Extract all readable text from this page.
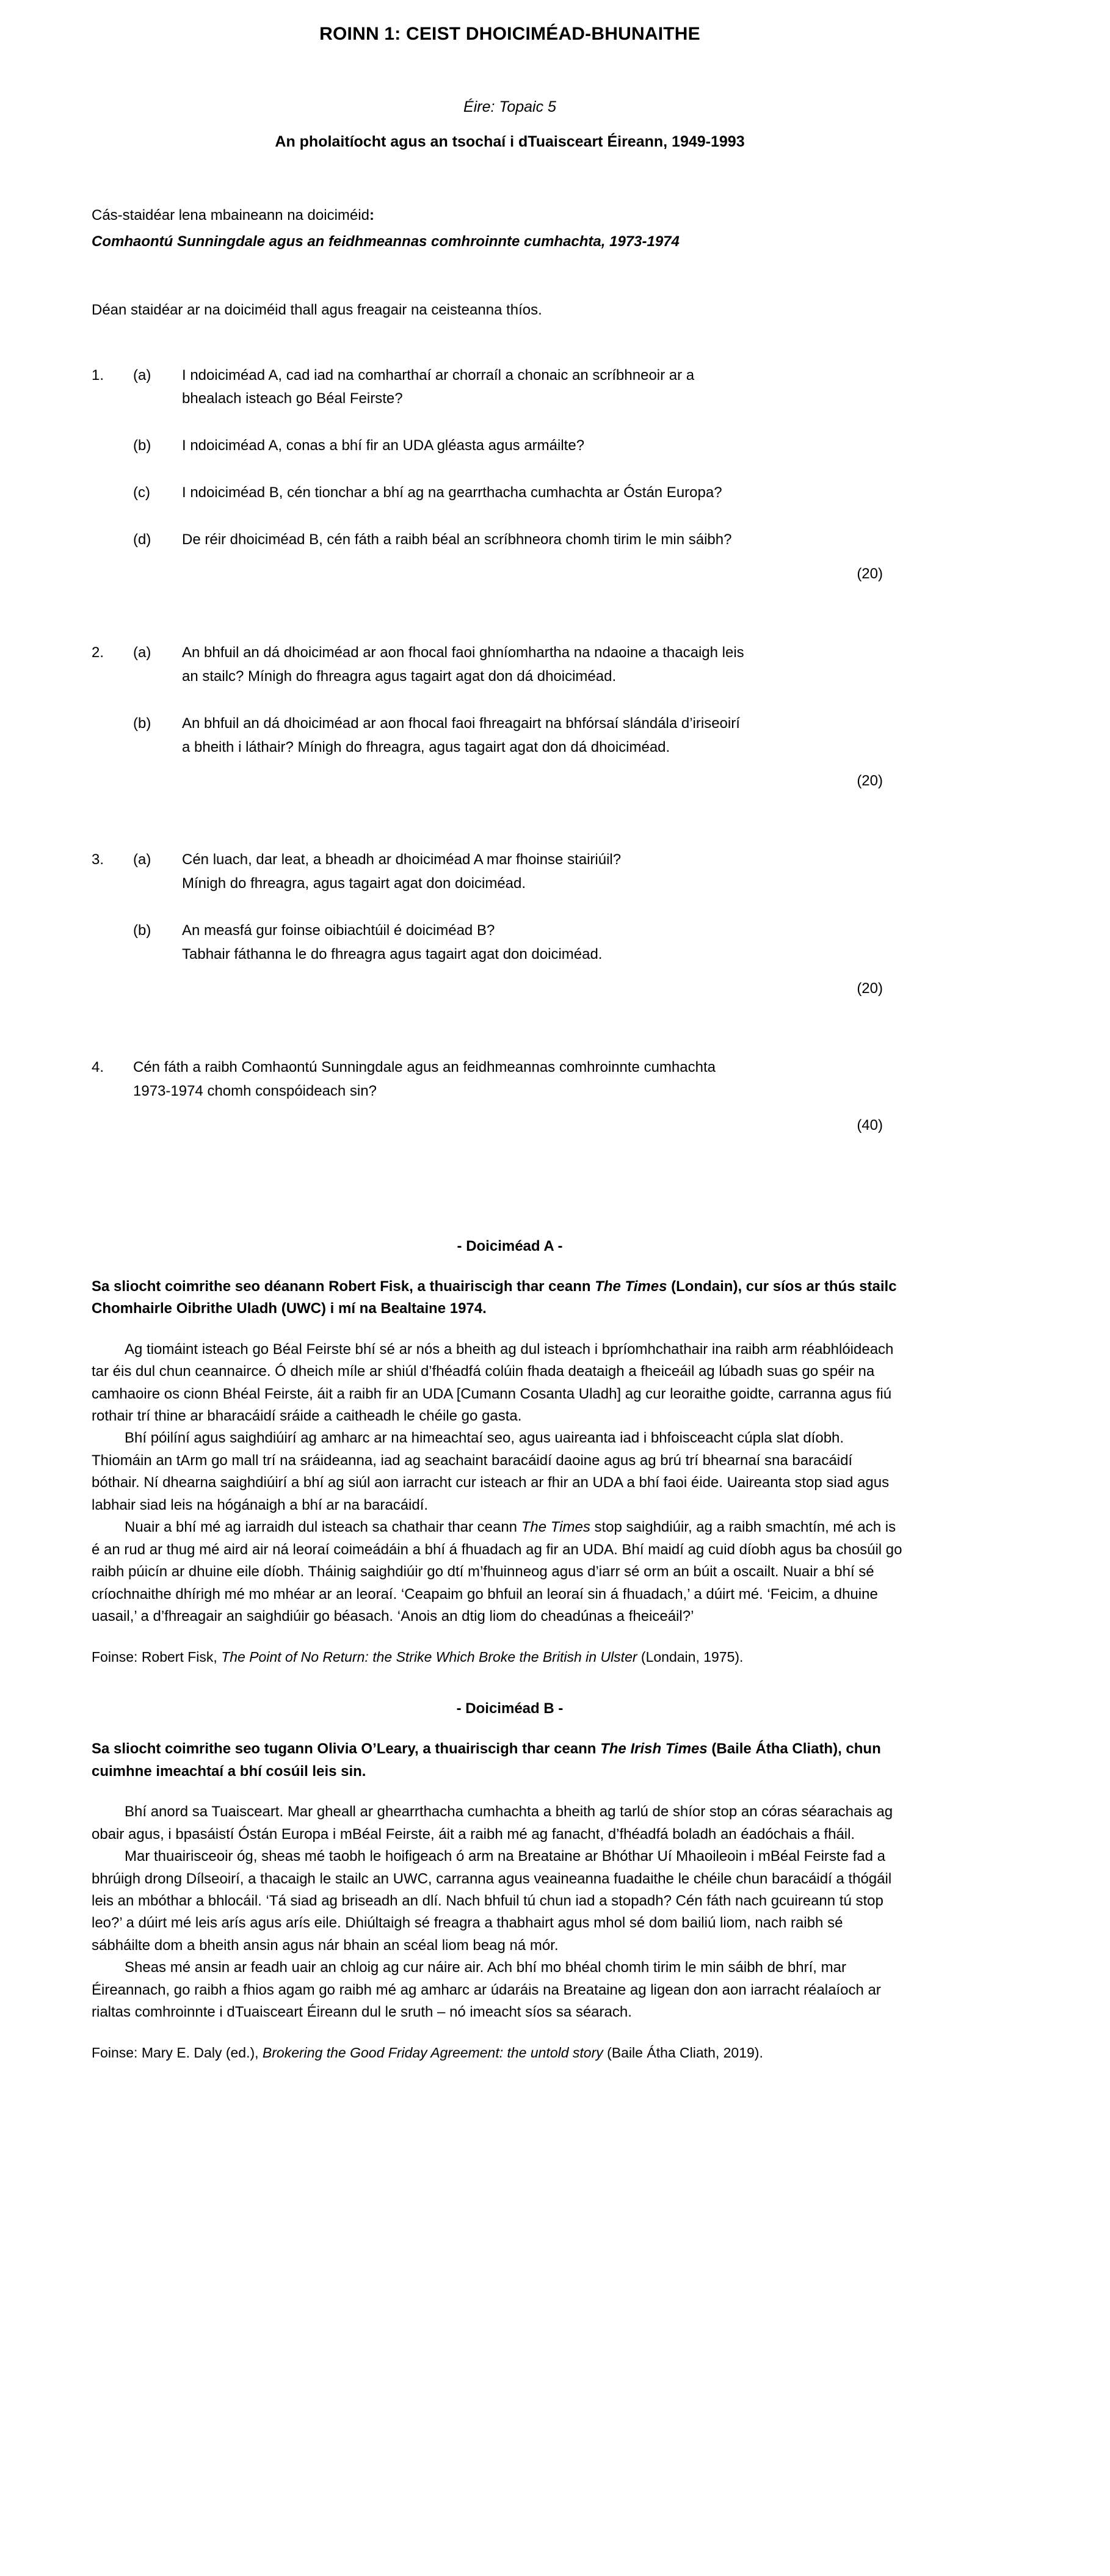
ROINN 1: CEIST DHOICIMÉAD-BHUNAITHE
Éire: Topaic 5
An pholaitíocht agus an tsochaí i dTuaisceart Éireann, 1949-1993
Cás-staidéar lena mbaineann na doiciméid:
Comhaontú Sunningdale agus an feidhmeannas comhroinnte cumhachta, 1973-1974
Déan staidéar ar na doiciméid thall agus freagair na ceisteanna thíos.
1.	(a)	I ndoiciméad A, cad iad na comharthaí ar chorraíl a chonaic an scríbhneoir ar a
bhealach isteach go Béal Feirste?
(b)	I ndoiciméad A, conas a bhí fir an UDA gléasta agus armáilte?
(c)	I ndoiciméad B, cén tionchar a bhí ag na gearrthacha cumhachta ar Óstán Europa?
(d)	De réir dhoiciméad B, cén fáth a raibh béal an scríbhneora chomh tirim le min sáibh?
(20)
2.	(a)	An bhfuil an dá dhoiciméad ar aon fhocal faoi ghníomhartha na ndaoine a thacaigh leis
an stailc? Mínigh do fhreagra agus tagairt agat don dá dhoiciméad.
(b)	An bhfuil an dá dhoiciméad ar aon fhocal faoi fhreagairt na bhfórsaí slándála d’iriseoirí
a bheith i láthair? Mínigh do fhreagra, agus tagairt agat don dá dhoiciméad.
(20)
3.	(a)	Cén luach, dar leat, a bheadh ar dhoiciméad A mar fhoinse stairiúil?
Mínigh do fhreagra, agus tagairt agat don doiciméad.
(b)	An measfá gur foinse oibiachtúil é doiciméad B?
Tabhair fáthanna le do fhreagra agus tagairt agat don doiciméad.
(20)
4.	Cén fáth a raibh Comhaontú Sunningdale agus an feidhmeannas comhroinnte cumhachta
1973-1974 chomh conspóideach sin?
(40)
- Doiciméad A -
Sa sliocht coimrithe seo déanann Robert Fisk, a thuairiscigh thar ceann The Times (Londain), cur síos ar thús stailc Chomhairle Oibrithe Uladh (UWC) i mí na Bealtaine 1974.

Ag tiomáint isteach go Béal Feirste bhí sé ar nós a bheith ag dul isteach i bpríomhchathair ina raibh arm réabhlóideach tar éis dul chun ceannairce. Ó dheich míle ar shiúl d’fhéadfá colúin fhada deataigh a fheiceáil ag lúbadh suas go spéir na camhaoire os cionn Bhéal Feirste, áit a raibh fir an UDA [Cumann Cosanta Uladh] ag cur leoraithe goidte, carranna agus fiú rothair trí thine ar bharacáidí sráide a caitheadh le chéile go gasta.

Bhí póilíní agus saighdiúirí ag amharc ar na himeachtaí seo, agus uaireanta iad i bhfoisceacht cúpla slat díobh. Thiomáin an tArm go mall trí na sráideanna, iad ag seachaint baracáidí daoine agus ag brú trí bhearnaí sna baracáidí bóthair. Ní dhearna saighdiúirí a bhí ag siúl aon iarracht cur isteach ar fhir an UDA a bhí faoi éide. Uaireanta stop siad agus labhair siad leis na hógánaigh a bhí ar na baracáidí.

Nuair a bhí mé ag iarraidh dul isteach sa chathair thar ceann The Times stop saighdiúir, ag a raibh smachtín, mé ach is é an rud ar thug mé aird air ná leoraí coimeádáin a bhí á fhuadach ag fir an UDA. Bhí maidí ag cuid díobh agus ba chosúil go raibh púicín ar dhuine eile díobh. Tháinig saighdiúir go dtí m’fhuinneog agus d’iarr sé orm an búit a oscailt. Nuair a bhí sé críochnaithe dhírigh mé mo mhéar ar an leoraí. ‘Ceapaim go bhfuil an leoraí sin á fhuadach,’ a dúirt mé. ‘Feicim, a dhuine uasail,’ a d’fhreagair an saighdiúir go béasach. ‘Anois an dtig liom do cheadúnas a fheiceáil?’

Foinse: Robert Fisk, The Point of No Return: the Strike Which Broke the British in Ulster (Londain, 1975).
- Doiciméad B -
Sa sliocht coimrithe seo tugann Olivia O’Leary, a thuairiscigh thar ceann The Irish Times (Baile Átha Cliath), chun cuimhne imeachtaí a bhí cosúil leis sin.

Bhí anord sa Tuaisceart. Mar gheall ar ghearrthacha cumhachta a bheith ag tarlú de shíor stop an córas séarachais ag obair agus, i bpasáistí Óstán Europa i mBéal Feirste, áit a raibh mé ag fanacht, d’fhéadfá boladh an éadóchais a fháil.

Mar thuairisceoir óg, sheas mé taobh le hoifigeach ó arm na Breataine ar Bhóthar Uí Mhaoileoin i mBéal Feirste fad a bhrúigh drong Dílseoirí, a thacaigh le stailc an UWC, carranna agus veaineanna fuadaithe le chéile chun baracáidí a thógáil leis an mbóthar a bhlocáil. ‘Tá siad ag briseadh an dlí. Nach bhfuil tú chun iad a stopadh? Cén fáth nach gcuireann tú stop leo?’ a dúirt mé leis arís agus arís eile. Dhiúltaigh sé freagra a thabhairt agus mhol sé dom bailiú liom, nach raibh sé sábháilte dom a bheith ansin agus nár bhain an scéal liom beag ná mór.

Sheas mé ansin ar feadh uair an chloig ag cur náire air. Ach bhí mo bhéal chomh tirim le min sáibh de bhrí, mar Éireannach, go raibh a fhios agam go raibh mé ag amharc ar údaráis na Breataine ag ligean don aon iarracht réalaíoch ar rialtas comhroinnte i dTuaisceart Éireann dul le sruth – nó imeacht síos sa séarach.

Foinse: Mary E. Daly (ed.), Brokering the Good Friday Agreement: the untold story (Baile Átha Cliath, 2019).
